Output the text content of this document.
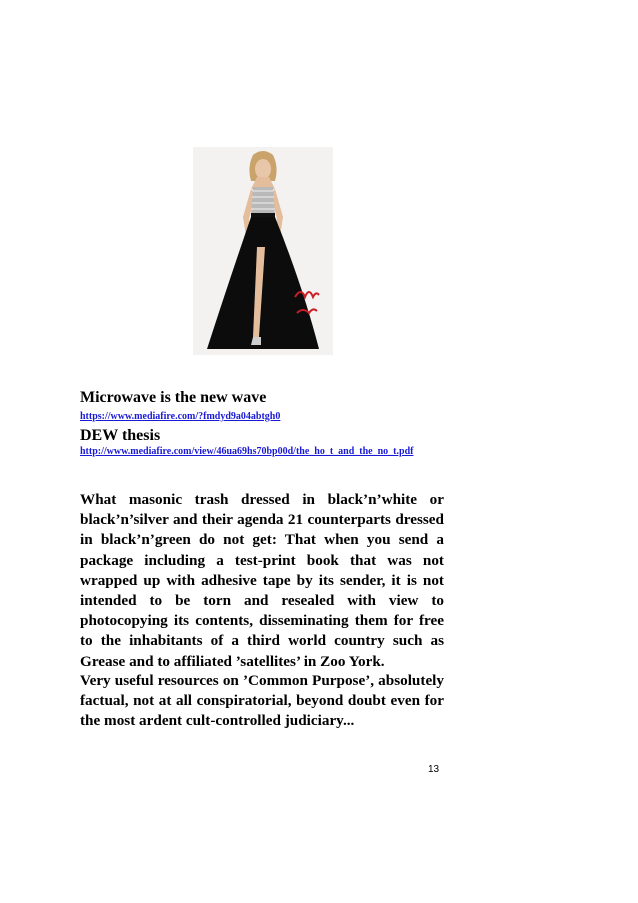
Microwave is the new wave

https://www.mediafire.com/?fmdyd9a04abtgh0

DEW thesis

http://www.mediafire.com/view/46ua69hs70bp00d/the_ho_t_and_the_no_t.pdf

What masonic trash dressed in black’n’white or black’n’silver and their agenda 21 counterparts dressed in black’n’green do not get: That when you send a package including a test-print book that was not wrapped up with adhesive tape by its sender, it is not intended to be torn and resealed with view to photocopying its contents, disseminating them for free to the inhabitants of a third world country such as Grease and to affiliated ’satellites’ in Zoo York.

Very useful resources on ’Common Purpose’, absolutely factual, not at all conspiratorial, beyond doubt even for the most ardent cult-controlled judiciary...

13
